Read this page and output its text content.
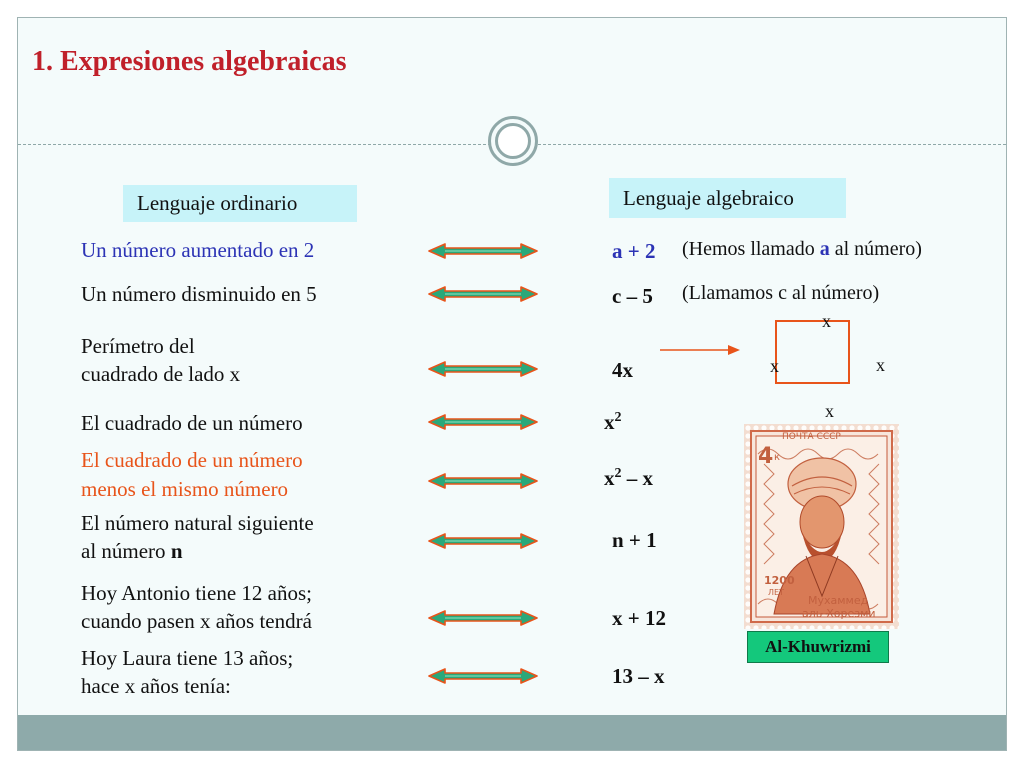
1. Expresiones algebraicas
Lenguaje ordinario	Lenguaje algebraico
Un número aumentado en 2
Un número disminuido en 5
Perímetro del
cuadrado de lado x
El cuadrado de un número
El cuadrado de un número
menos el mismo número
El número natural siguiente
al número n
Hoy Antonio tiene 12 años;
cuando pasen x años tendrá
Hoy Laura tiene 13 años;
hace x años tenía:
a + 2
c – 5
4x
$x^2$
$x^2$ – x
n + 1
x + 12
13 – x
(Hemos llamado a al número)
(Llamamos c al número)
x
x	x
x
ПОЧТА СССР
4 к
1200
ЛЕТ
Мухаммед
аль-Хорезми
Al-Khuwrizmi
